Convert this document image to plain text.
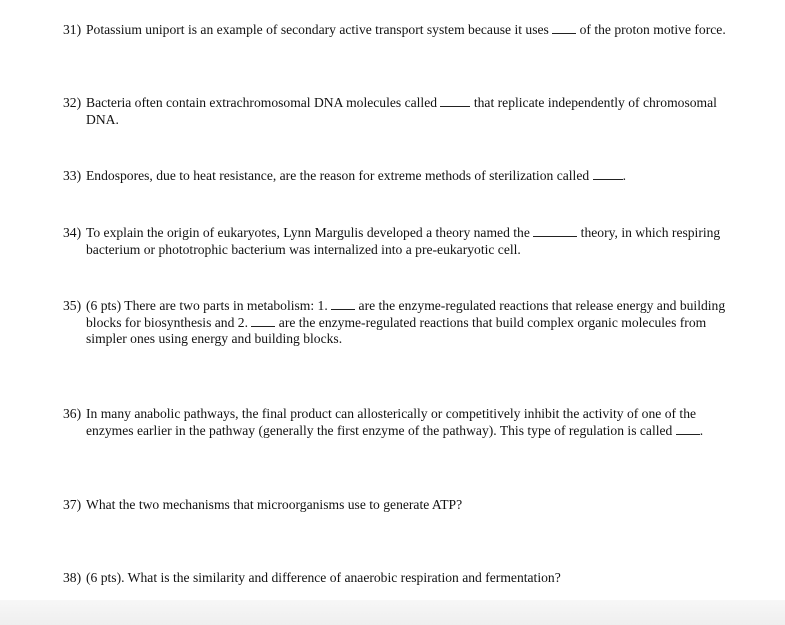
31) Potassium uniport is an example of secondary active transport system because it uses  of the proton motive force.
32) Bacteria often contain extrachromosomal DNA molecules called  that replicate independently of chromosomal DNA.
33) Endospores, due to heat resistance, are the reason for extreme methods of sterilization called .
34) To explain the origin of eukaryotes, Lynn Margulis developed a theory named the	theory, in which respiring bacterium or phototrophic bacterium was internalized into a pre-eukaryotic cell.
35) (6 pts) There are two parts in metabolism: 1.  are the enzyme-regulated reactions that release energy and building blocks for biosynthesis and 2.  are the enzyme-regulated reactions that build complex organic molecules from simpler ones using energy and building blocks.
36) In many anabolic pathways, the final product can allosterically or competitively inhibit the activity of one of the enzymes earlier in the pathway (generally the first enzyme of the pathway). This type of regulation is called .
37) What the two mechanisms that microorganisms use to generate ATP?
38) (6 pts). What is the similarity and difference of anaerobic respiration and fermentation?
